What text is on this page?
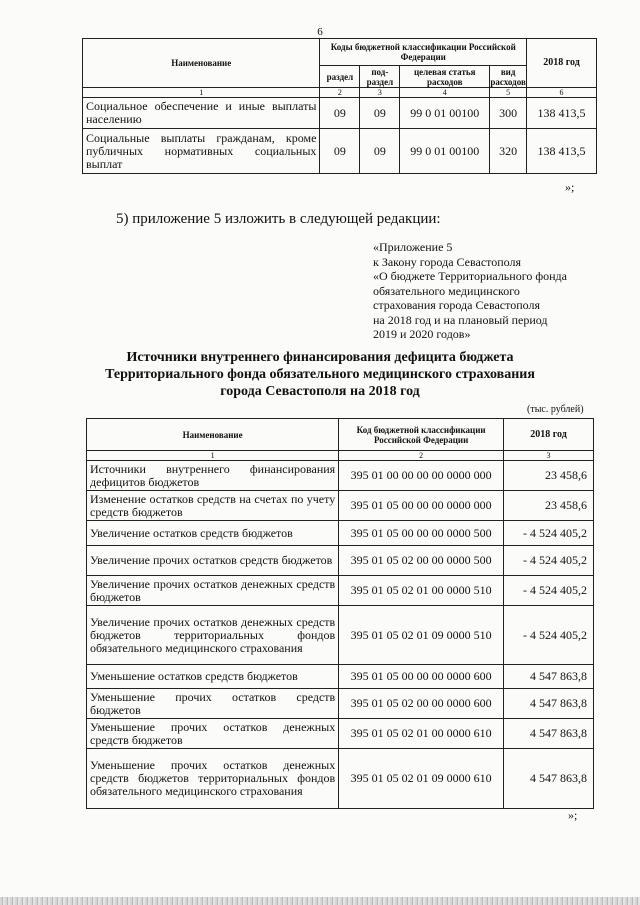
6
Наименование	Коды бюджетной классификации Российской Федерации				2018 год
	раздел	под-раздел	целевая статья расходов	вид расходов	
1	2	3	4	5	6
Социальное обеспечение и иные выплаты населению	09	09	99 0 01 00100	300	138 413,5
Социальные выплаты гражданам, кроме публичных нормативных социальных выплат	09	09	99 0 01 00100	320	138 413,5
»;
5) приложение 5 изложить в следующей редакции:
«Приложение 5
к Закону города Севастополя
«О бюджете Территориального фонда
обязательного медицинского
страхования города Севастополя
на 2018 год и на плановый период
2019 и 2020 годов»
Источники внутреннего финансирования дефицита бюджета
Территориального фонда обязательного медицинского страхования
города Севастополя на 2018 год
(тыс. рублей)
Наименование	Код бюджетной классификации Российской Федерации	2018 год
1	2	3
Источники внутреннего финансирования дефицитов бюджетов	395 01 00 00 00 00 0000 000	23 458,6
Изменение остатков средств на счетах по учету средств бюджетов	395 01 05 00 00 00 0000 000	23 458,6
Увеличение остатков средств бюджетов	395 01 05 00 00 00 0000 500	- 4 524 405,2
Увеличение прочих остатков средств бюджетов	395 01 05 02 00 00 0000 500	- 4 524 405,2
Увеличение прочих остатков денежных средств бюджетов	395 01 05 02 01 00 0000 510	- 4 524 405,2
Увеличение прочих остатков денежных средств бюджетов территориальных фондов обязательного медицинского страхования	395 01 05 02 01 09 0000 510	- 4 524 405,2
Уменьшение остатков средств бюджетов	395 01 05 00 00 00 0000 600	4 547 863,8
Уменьшение прочих остатков средств бюджетов	395 01 05 02 00 00 0000 600	4 547 863,8
Уменьшение прочих остатков денежных средств бюджетов	395 01 05 02 01 00 0000 610	4 547 863,8
Уменьшение прочих остатков денежных средств бюджетов территориальных фондов обязательного медицинского страхования	395 01 05 02 01 09 0000 610	4 547 863,8
»;
